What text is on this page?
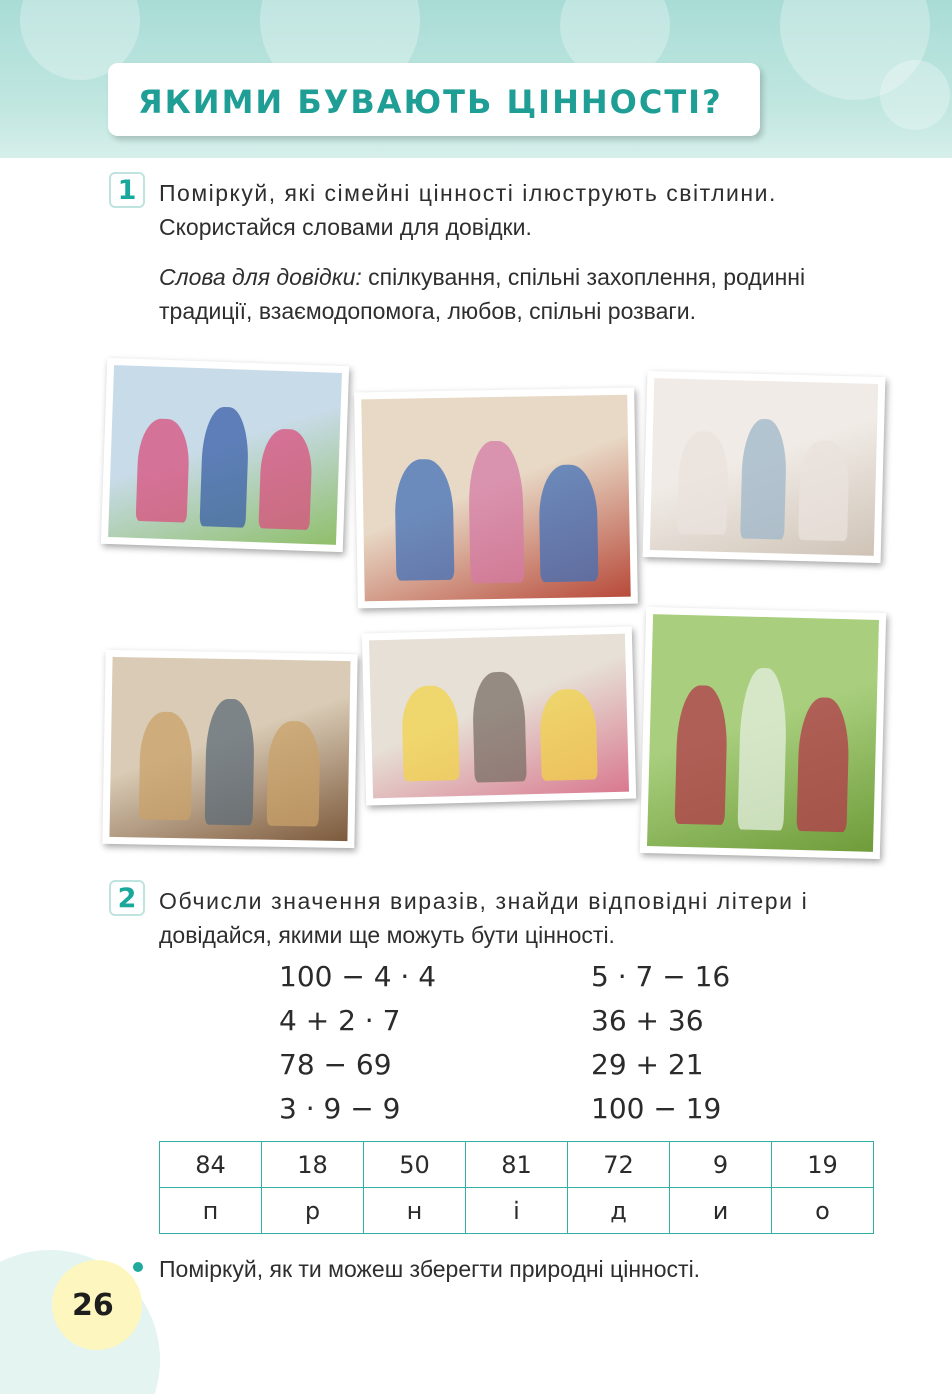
ЯКИМИ БУВАЮТЬ ЦІННОСТІ?
1 Поміркуй, які сімейні цінності ілюструють світлини.
Скористайся словами для довідки.
Слова для довідки: спілкування, спільні захоплення, родинні
традиції, взаємодопомога, любов, спільні розваги.
2 Обчисли значення виразів, знайди відповідні літери і
довідайся, якими ще можуть бути цінності.
100 − 4 · 4
4 + 2 · 7
78 − 69
3 · 9 − 9
5 · 7 − 16
36 + 36
29 + 21
100 − 19
84	18	50	81	72	9	19
п	р	н	і	д	и	о
Поміркуй, як ти можеш зберегти природні цінності.
26
